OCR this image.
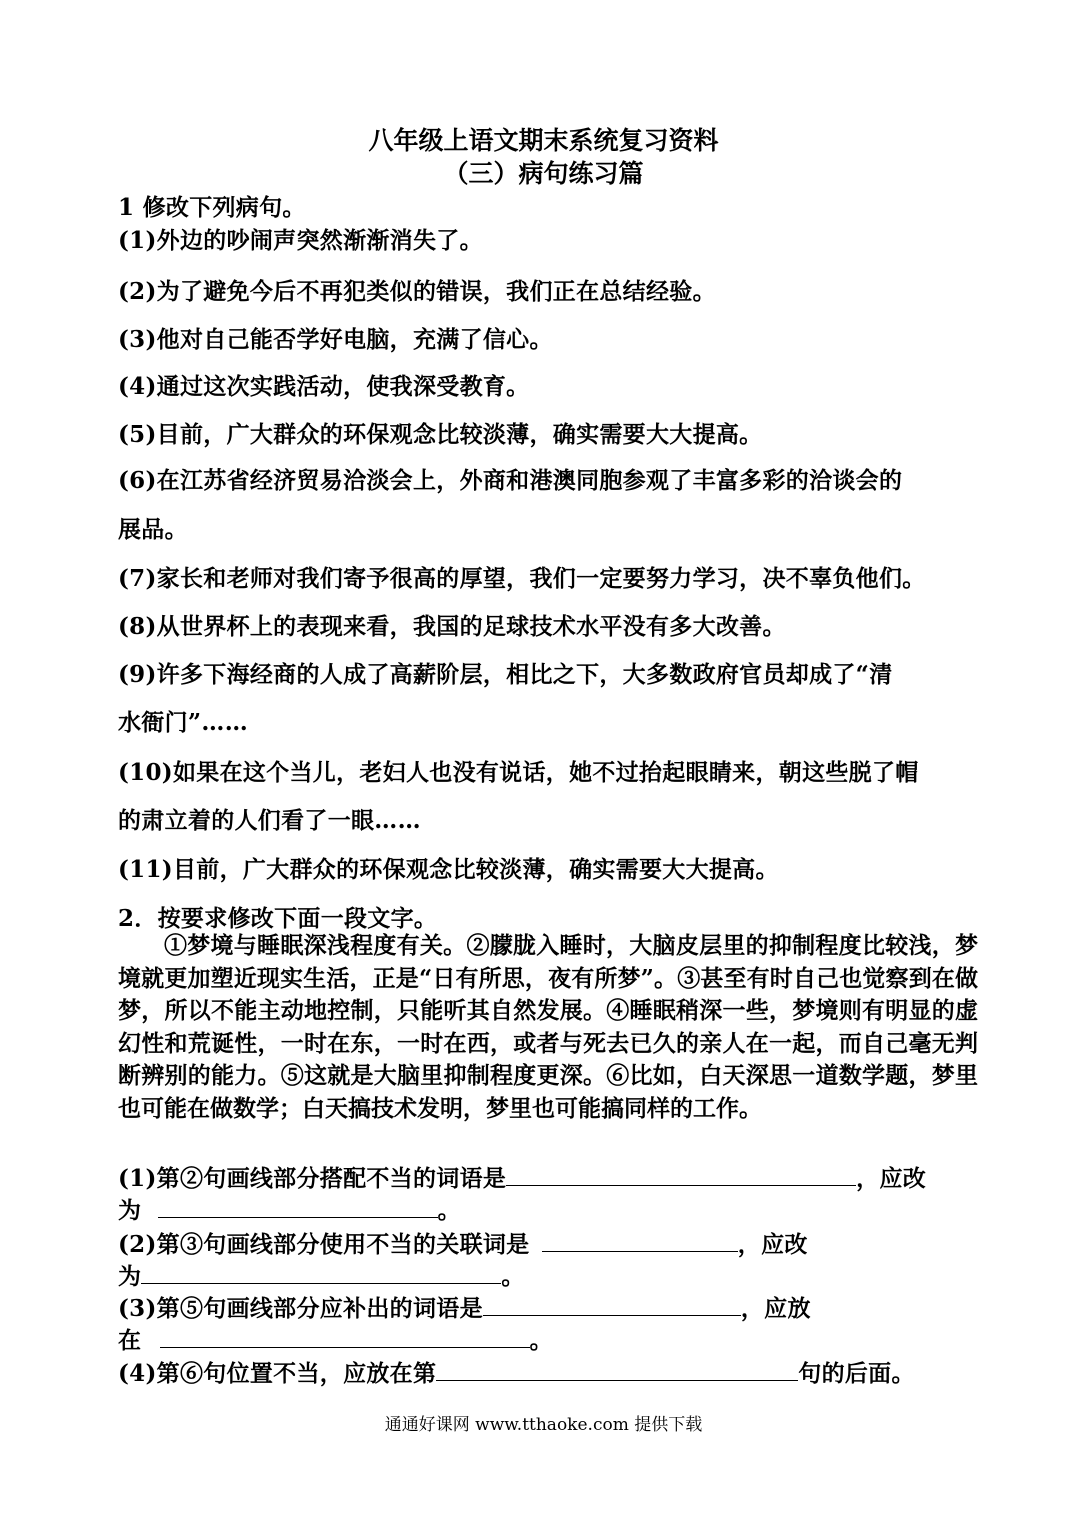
八年级上语文期末系统复习资料
（三）病句练习篇
1 修改下列病句。
(1)外边的吵闹声突然渐渐消失了。
(2)为了避免今后不再犯类似的错误，我们正在总结经验。
(3)他对自己能否学好电脑，充满了信心。
(4)通过这次实践活动，使我深受教育。
(5)目前，广大群众的环保观念比较淡薄，确实需要大大提高。
(6)在江苏省经济贸易洽淡会上，外商和港澳同胞参观了丰富多彩的洽谈会的
展品。
(7)家长和老师对我们寄予很高的厚望，我们一定要努力学习，决不辜负他们。
(8)从世界杯上的表现来看，我国的足球技术水平没有多大改善。
(9)许多下海经商的人成了高薪阶层，相比之下，大多数政府官员却成了“清
水衙门”……
(10)如果在这个当儿，老妇人也没有说话，她不过抬起眼睛来，朝这些脱了帽
的肃立着的人们看了一眼……
(11)目前，广大群众的环保观念比较淡薄，确实需要大大提高。
2．按要求修改下面一段文字。
①梦境与睡眠深浅程度有关。②朦胧入睡时，大脑皮层里的抑制程度比较浅，梦境就更加塑近现实生活，正是“日有所思，夜有所梦”。③甚至有时自己也觉察到在做梦，所以不能主动地控制，只能听其自然发展。④睡眠稍深一些，梦境则有明显的虚幻性和荒诞性，一时在东，一时在西，或者与死去已久的亲人在一起，而自己毫无判断辨别的能力。⑤这就是大脑里抑制程度更深。⑥比如，白天深思一道数学题，梦里也可能在做数学；白天搞技术发明，梦里也可能搞同样的工作。
(1)第②句画线部分搭配不当的词语是	，应改
为	。
(2)第③句画线部分使用不当的关联词是	，应改
为	。
(3)第⑤句画线部分应补出的词语是	，应放
在	。
(4)第⑥句位置不当，应放在第	句的后面。
通通好课网 www.tthaoke.com 提供下载
